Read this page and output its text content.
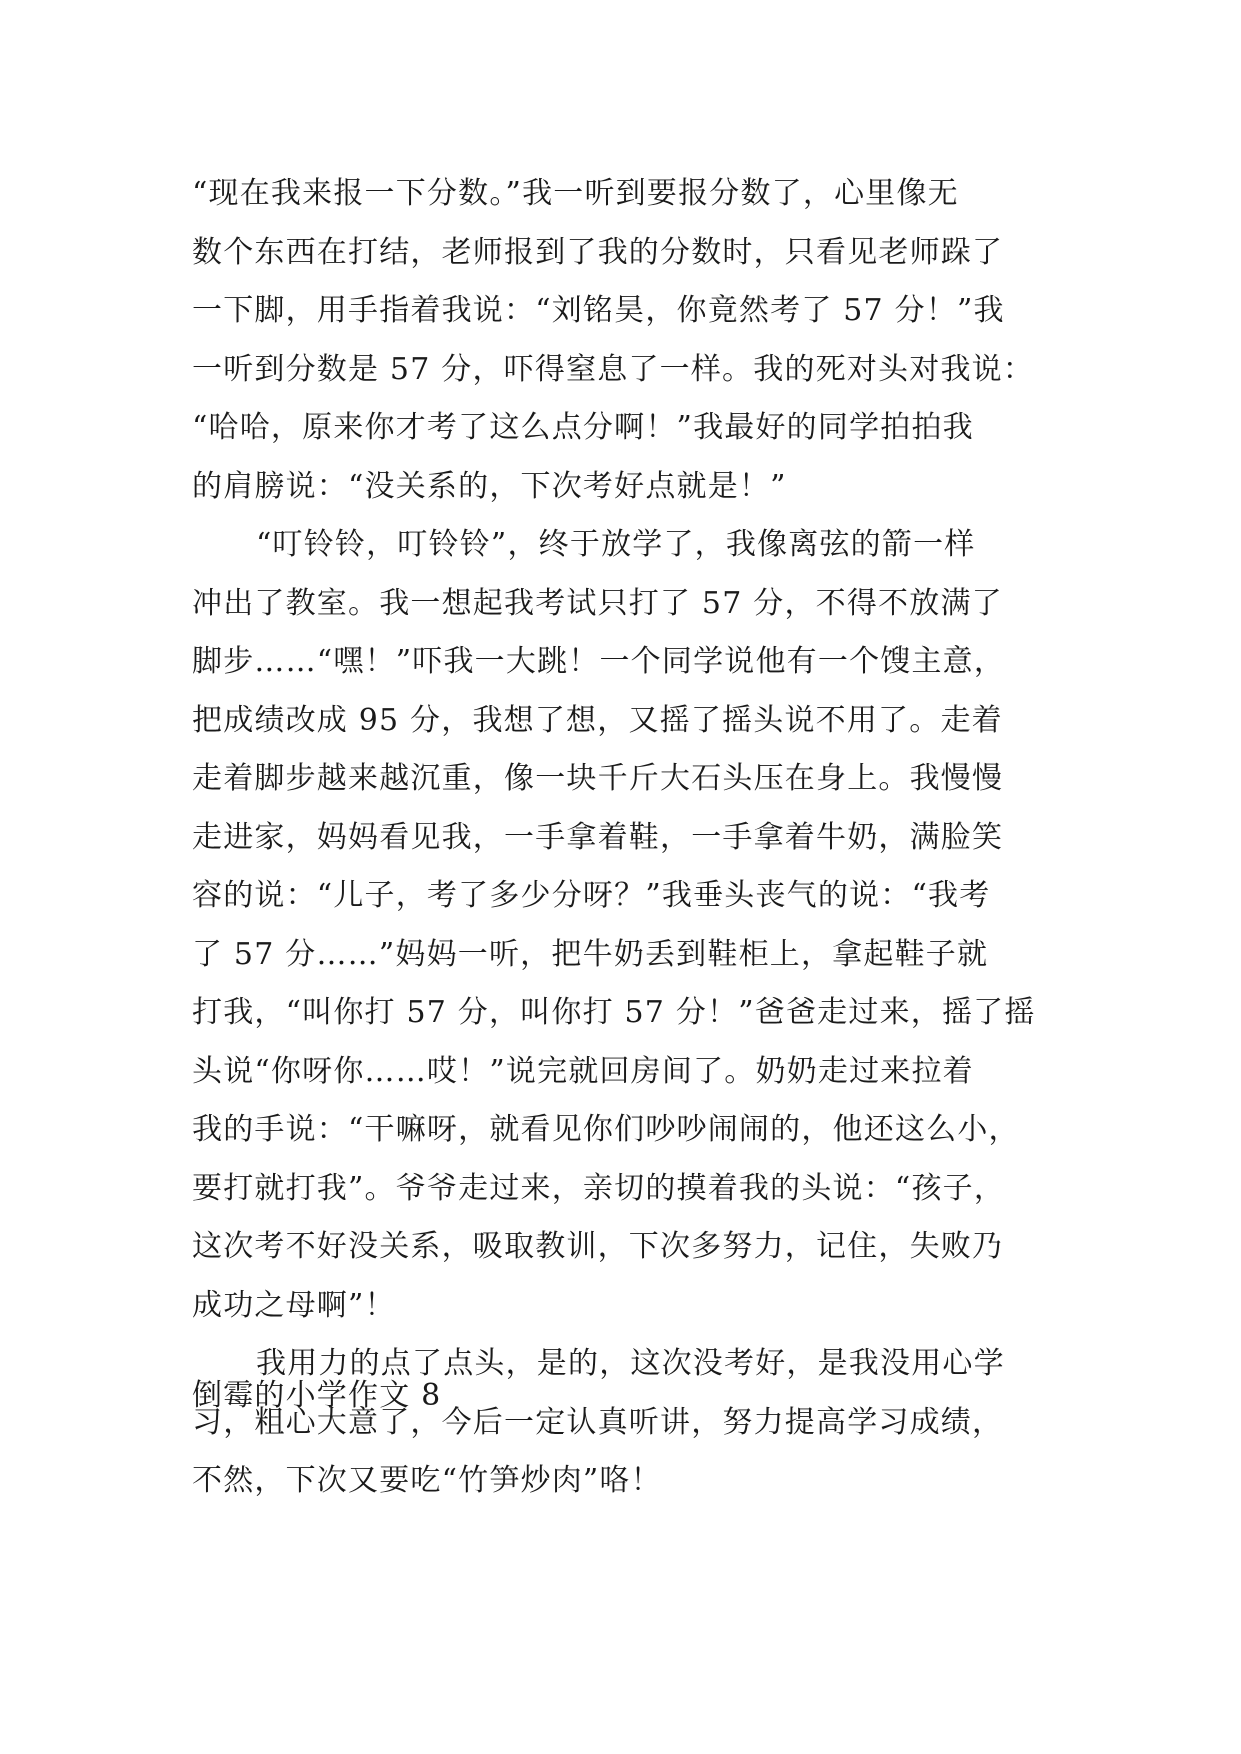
“现在我来报一下分数。”我一听到要报分数了，心里像无
数个东西在打结，老师报到了我的分数时，只看见老师跺了
一下脚，用手指着我说：“刘铭昊，你竟然考了 57 分！”我
一听到分数是 57 分，吓得窒息了一样。我的死对头对我说：
“哈哈，原来你才考了这么点分啊！”我最好的同学拍拍我
的肩膀说：“没关系的，下次考好点就是！”
“叮铃铃，叮铃铃”，终于放学了，我像离弦的箭一样
冲出了教室。我一想起我考试只打了 57 分，不得不放满了
脚步……“嘿！”吓我一大跳！一个同学说他有一个馊主意，
把成绩改成 95 分，我想了想，又摇了摇头说不用了。走着
走着脚步越来越沉重，像一块千斤大石头压在身上。我慢慢
走进家，妈妈看见我，一手拿着鞋，一手拿着牛奶，满脸笑
容的说：“儿子，考了多少分呀？”我垂头丧气的说：“我考
了 57 分……”妈妈一听，把牛奶丢到鞋柜上，拿起鞋子就
打我，“叫你打 57 分，叫你打 57 分！”爸爸走过来，摇了摇
头说“你呀你……哎！”说完就回房间了。奶奶走过来拉着
我的手说：“干嘛呀，就看见你们吵吵闹闹的，他还这么小，
要打就打我”。爷爷走过来，亲切的摸着我的头说：“孩子，
这次考不好没关系，吸取教训，下次多努力，记住，失败乃
成功之母啊”！
我用力的点了点头，是的，这次没考好，是我没用心学
习，粗心大意了，今后一定认真听讲，努力提高学习成绩，
不然，下次又要吃“竹笋炒肉”咯！
倒霉的小学作文 8
